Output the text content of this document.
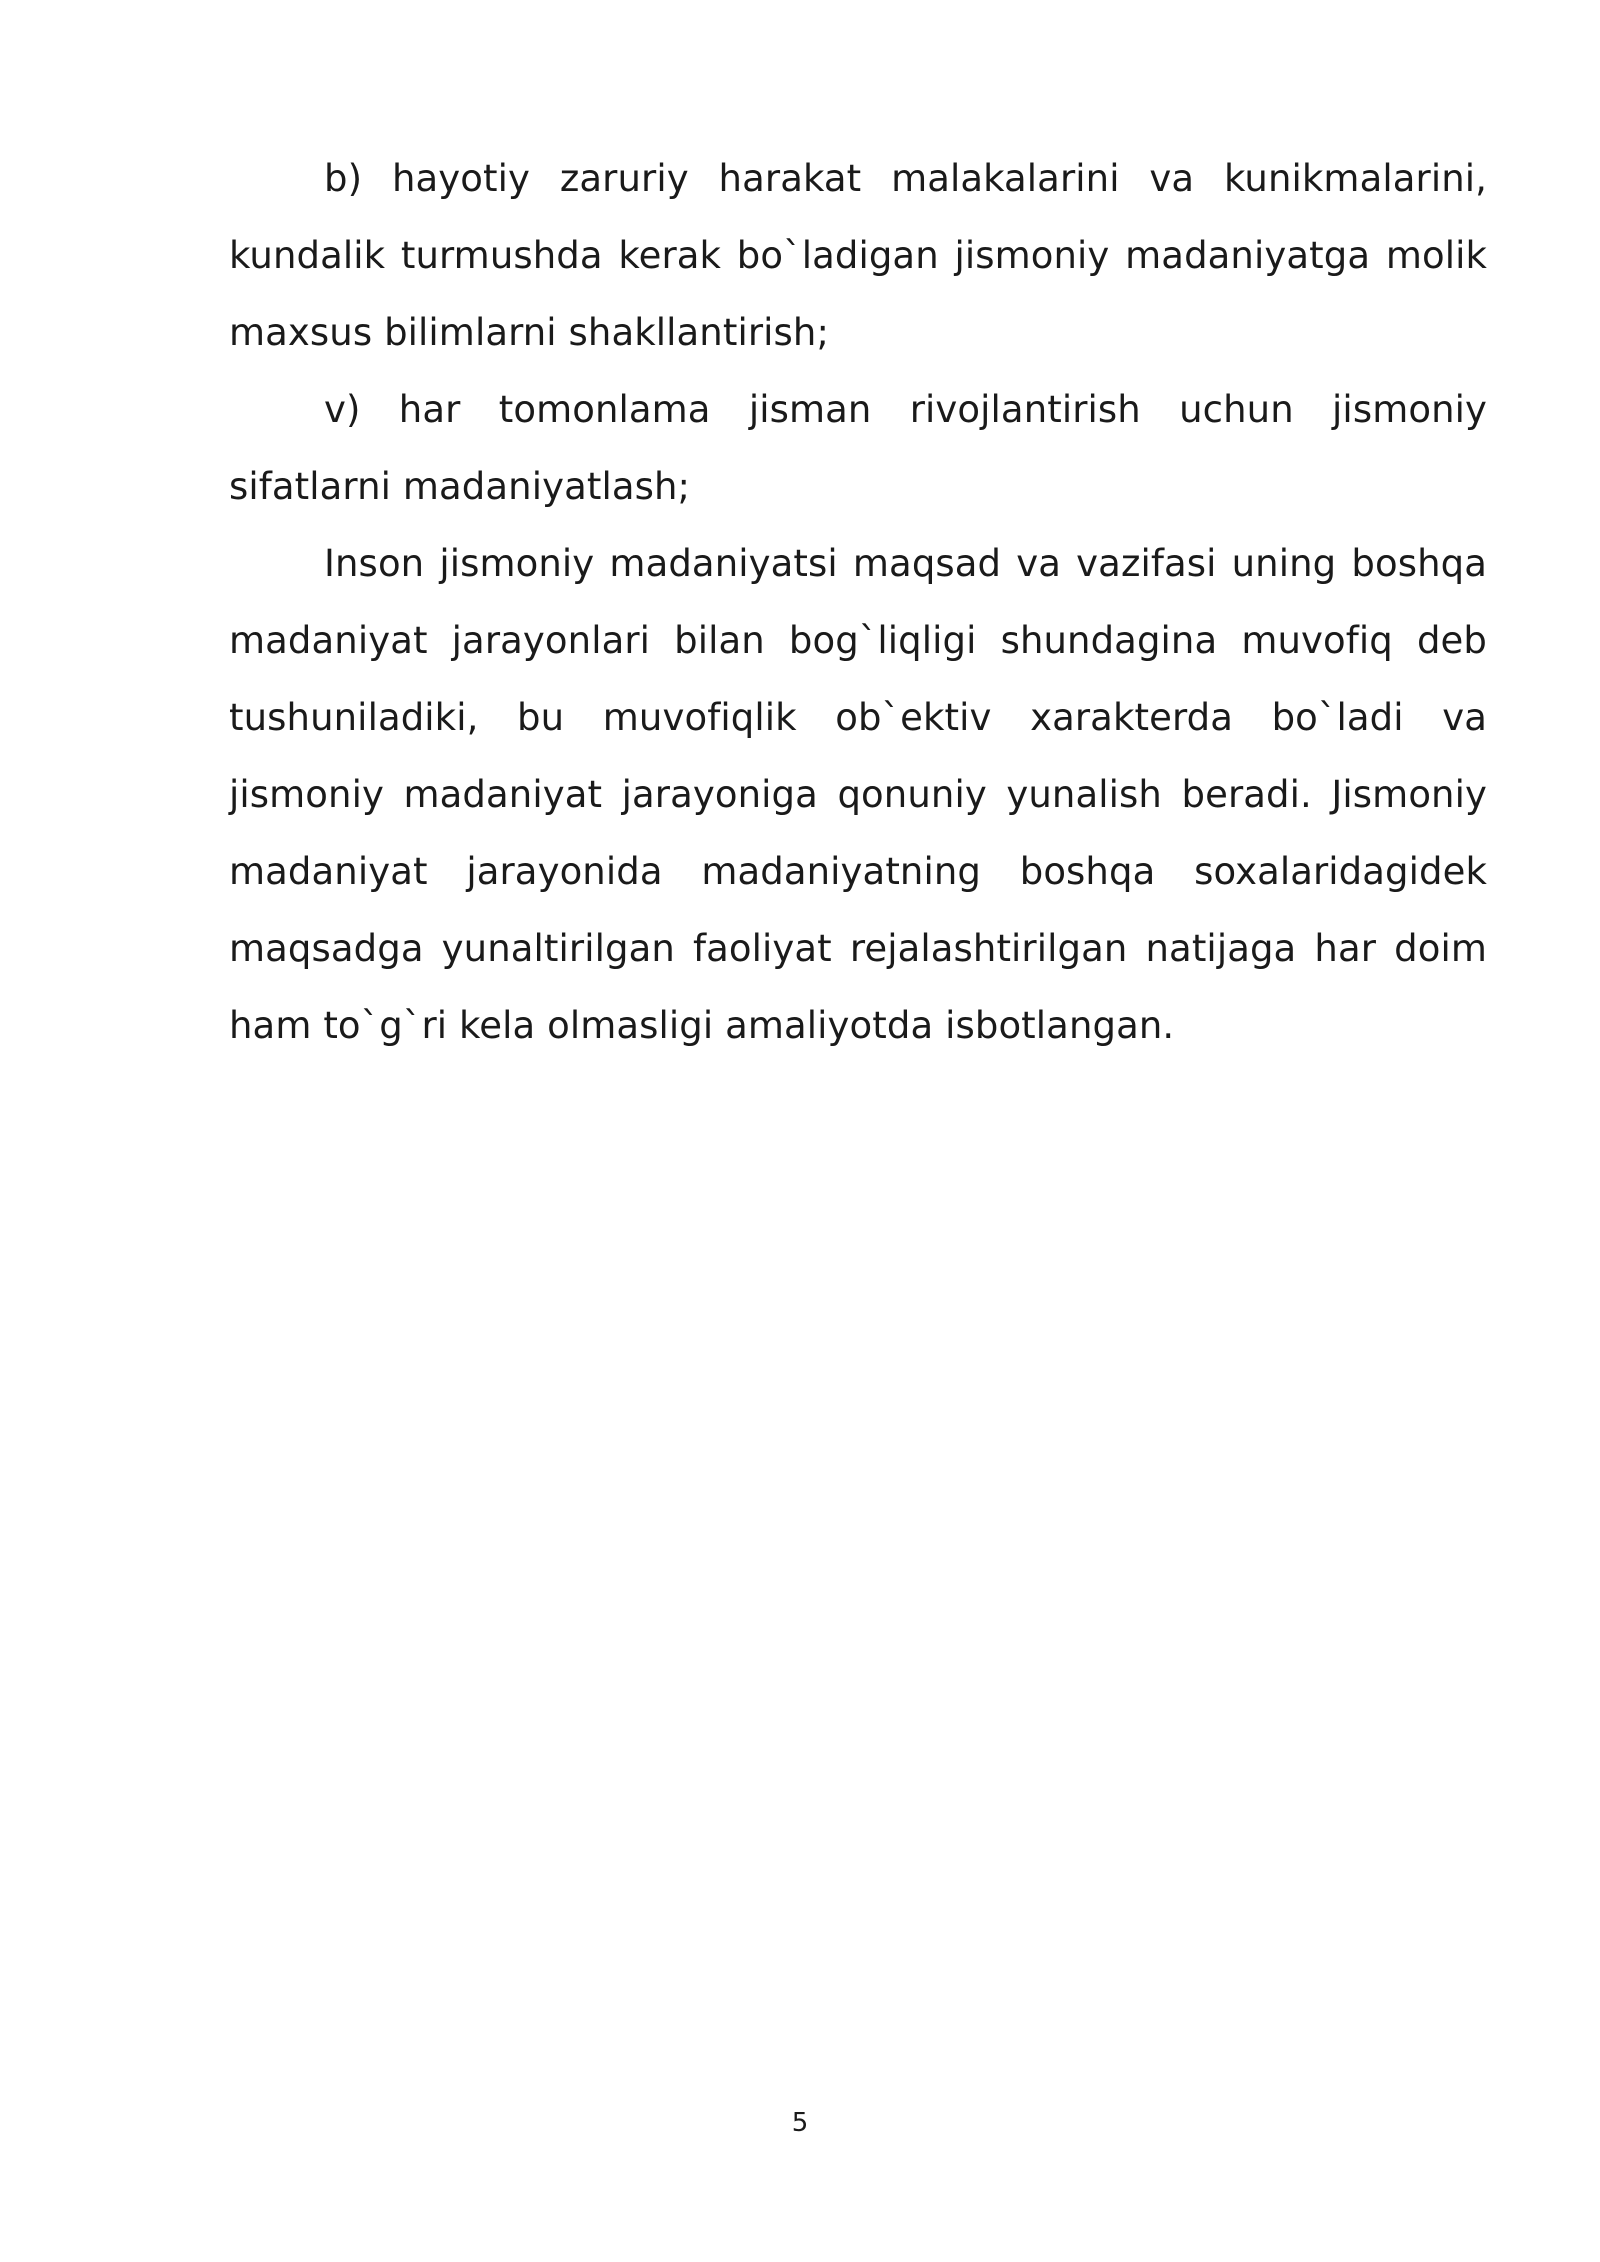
b) hayotiy zaruriy harakat malakalarini va kunikmalarini, kundalik turmushda kerak bo`ladigan jismoniy madaniyatga molik maxsus bilimlarni shakllantirish;

v) har tomonlama jisman rivojlantirish uchun jismoniy sifatlarni madaniyatlash;

Inson jismoniy madaniyatsi maqsad va vazifasi uning boshqa madaniyat jarayonlari bilan bog`liqligi shundagina muvofiq deb tushuniladiki, bu muvofiqlik ob`ektiv xarakterda bo`ladi va jismoniy madaniyat jarayoniga qonuniy yunalish beradi. Jismoniy madaniyat jarayonida madaniyatning boshqa soxalaridagidek maqsadga yunaltirilgan faoliyat rejalashtirilgan natijaga har doim ham to`g`ri kela olmasligi amaliyotda isbotlangan.

5
